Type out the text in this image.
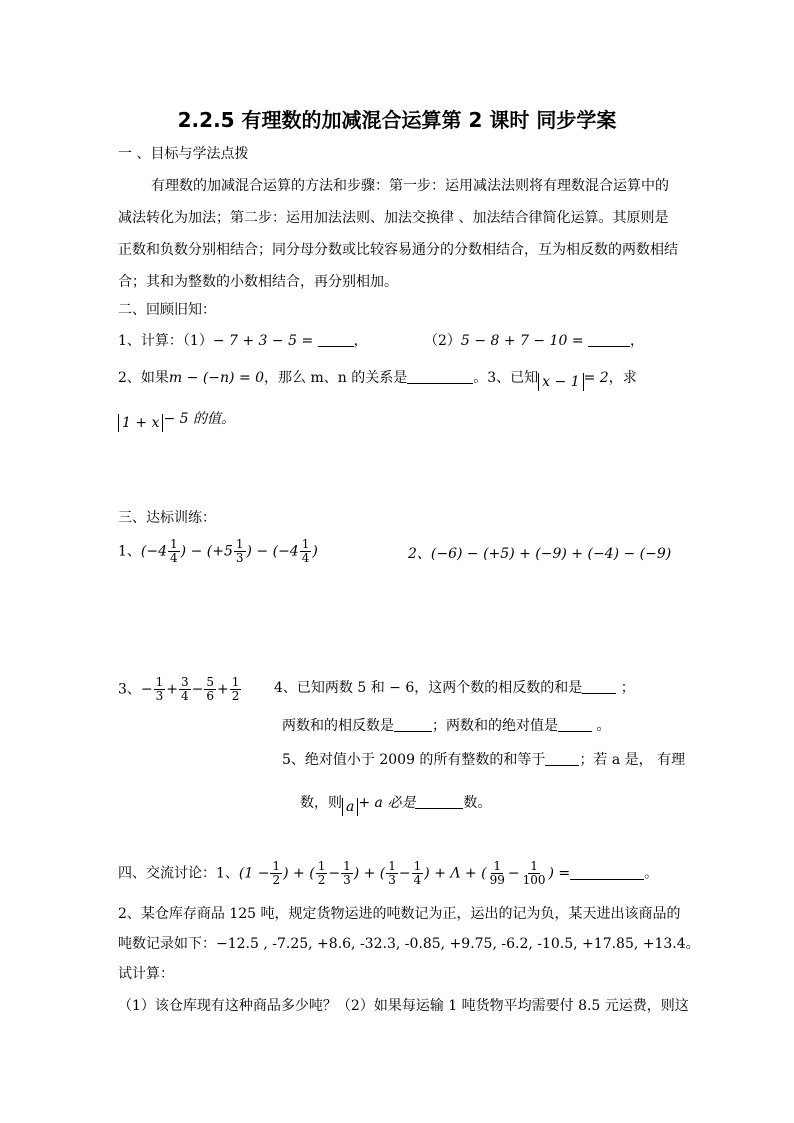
2.2.5 有理数的加减混合运算第 2 课时 同步学案
一 、目标与学法点拨
有理数的加减混合运算的方法和步骤：第一步：运用减法法则将有理数混合运算中的减法转化为加法；第二步：运用加法法则、加法交换律 、加法结合律简化运算。其原则是正数和负数分别相结合；同分母分数或比较容易通分的分数相结合，互为相反数的两数相结合；其和为整数的小数相结合，再分别相加。
二、回顾旧知：
1、计算：（1）− 7 + 3 − 5 =	，	（2）5 − 8 + 7 − 10 =	，
2、如果m − (−n) = 0，那么 m、n 的关系是	。3、已知 x − 1 = 2，求
1 + x − 5 的值。
三、达标训练：
1、($-4 \frac{1}{4}$ ) − ($+5 \frac{1}{3}$ ) − ($-4 \frac{1}{4}$ )	2、(−6) − (+5) + (−9) + (−4) − (−9)
3、− $\frac{1}{3} + \frac{3}{4} - \frac{5}{6} + \frac{1}{2} 4$、已知两数 5 和 − 6，这两个数的相反数的和是	；
两数和的相反数是	；两数和的绝对值是	。
5、绝对值小于 2009 的所有整数的和等于 ；若 a 是， 有理
数，则 a + a 必是	数。
四、交流讨论：1、($1 - \frac{1}{2}$ ) + ( $\frac{1}{2} - \frac{1}{3}$ ) + ( $\frac{1}{3} - \frac{1}{4}$ ) + Λ + ( $\frac{1}{99} - \frac{1}{100}$ ) =	。
2、某仓库存商品 125 吨，规定货物运进的吨数记为正，运出的记为负，某天进出该商品的
吨数记录如下：−12.5 , -7.25, +8.6, -32.3, -0.85, +9.75, -6.2, -10.5, +17.85, +13.4。
试计算：
（1）该仓库现有这种商品多少吨？（2）如果每运输 1 吨货物平均需要付 8.5 元运费，则这
